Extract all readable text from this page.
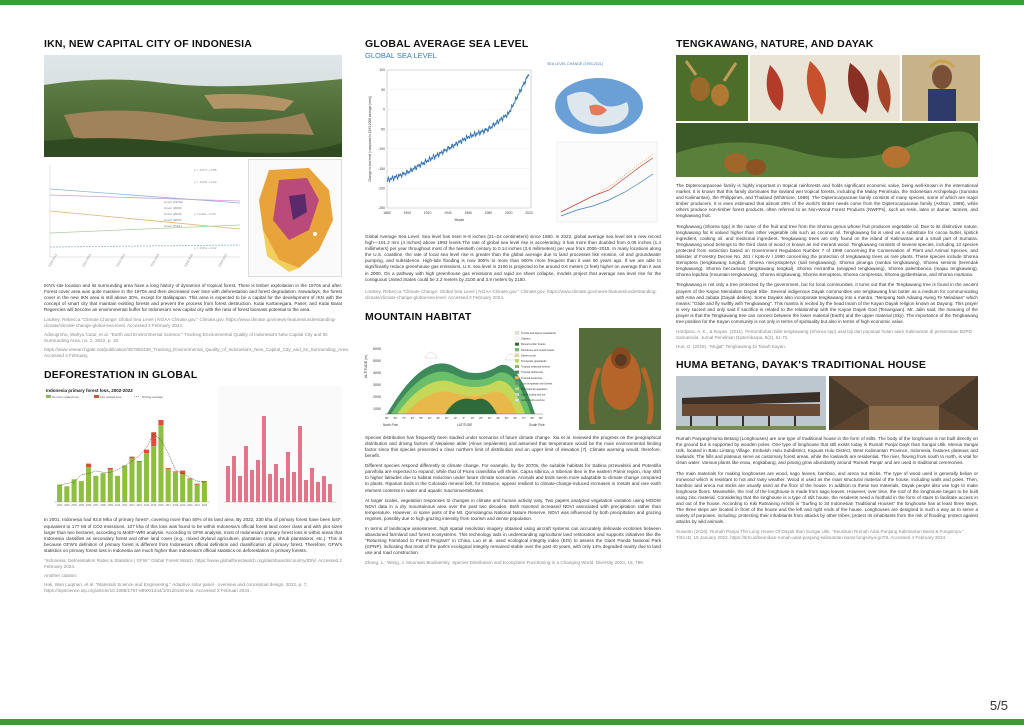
IKN, NEW CAPITAL CITY OF INDONESIA
y = -0.07x + 0.85
y = -0.03x + 0.62
y = 0.02x + 0.34
y = -0.01x + 0.12
Cover (1970s)
Cover (2000)
Cover (2010)
Cover (2020)
Cover (Pred.)
2010-2012	2012-2014	2014-2016	2016-2018	2018-2020	2020-2022

IKN's site location and its surrounding area have a long history of dynamics of tropical forest. There is timber exploitation in the 1970s and after. Forest cover area was quite massive in the 1970s and then decreased over time with deforestation and forest degradation. Nowadays, the forest cover in the new IKN area is still above 30%, except for Balikpapan. This area is expected to be a capital for the development of IKN with the concept of smart city that maintain existing forests and prevent the process from forest destruction. Kutai Kartanegara, Paser, and Kutai Barat Regencies will become an environmental buffer for Indonesia's new capital city with the ratio of forest biomass potential to the area.

Lindsey, Rebecca."Climate Change: Global Sea Level | NOAA Climate.gov." Climate.gov, https://www.climate.gov/news-features/understanding-climate/climate-change-global-sea-level. Accessed 2 February 2024.

Adinugroho, Wahyu Catur, et al. "Earth and Environmental Science." Tracking Environmental Quality of Indonesia's New Capital City and Its Surrounding Area, no. 2, 2022, p. 10.

https://www.researchgate.net/publication/357882438_Tracking_Environmental_Quality_of_Indonesia's_New_Capital_City_and_its_Surrounding_Area. Accessed 4 February.

DEFORESTATION IN GLOBAL
Indonesia primary forest loss, 2002-2022
Non-fire related loss	Fire related loss	Driving average
2002 2003 2004 2005 2006 2007 2008 2009 2010 2011 2012 2013 2014 2015 2016 2017 2018 2019 2020 2021 2022

In 2001, Indonesia had 93.8 Mha of primary forest*, covering more than 50% of its land area. By 2022, 230 kha of primary forest have been lost*, equivalent to 177 Mt of CO2 emissions. 107 kha of this loss was found to be within Indonesia's official forest land cover class and with plot sizes larger than two hectares, according to MoEF-WRI analysis. According to GFW analysis, most of Indonesia's primary forest loss is within areas that Indonesia classifies as secondary forest and other land cover (e.g., mixed dryland agriculture, plantation crops, shrub plantations, etc.). This is because GFW's definition of primary forest is different from Indonesia's official definition and classification of primary forest. Therefore, GFW's statistics on primary forest loss in Indonesia are much higher than Indonesia's official statistics on deforestation in primary forests.

"Indonesia: Deforestation Rates & Statistics | GFW." Global Forest Watch, https://www.globalforestwatch.org/dashboards/country/IDN/. Accessed 2 February 2024.

Another citation:

Hak, Wan Luqman, et al. "Materials Science and Engineering." Adaptive solar panel - overview and conceptual design, 2022, p. 7, https://iopscience.iop.org/article/10.1088/1757-899X/1244/1/012016/meta. Accessed 2 Februari 2024.

GLOBAL AVERAGE SEA LEVEL
GLOBAL SEA LEVEL
100
50
0
-50
-100
-150
-200
-250
1880	1900	1920	1940	1960	1980	2000	2020
Years
Change in sea level (compared to 1993-2008 average (mm))
SEA LEVEL CHANGE (1993-2021)

Global Average Sea Level. Sea level has risen 8–9 inches (21–24 centimeters) since 1880. In 2022, global average sea level set a new record high—101.2 mm (4 inches) above 1993 levels.The rate of global sea level rise is accelerating: it has more than doubled from 0.06 inches (1.4 millimeters) per year throughout most of the twentieth century to 0.14 inches (3.6 millimeters) per year from 2006–2015. In many locations along the U.S. coastline, the rate of local sea level rise is greater than the global average due to land processes like erosion, oil and groundwater pumping, and subsidence. High-tide flooding is now 300% to more than 900% more frequent than it was 50 years ago. If we are able to significantly reduce greenhouse gas emissions, U.S. sea level in 2100 is projected to be around 0.6 meters (2 feet) higher on average than it was in 2000. On a pathway with high greenhouse gas emissions and rapid ice sheet collapse, models project that average sea level rise for the contiguous United States could be 2.2 meters by 2100 and 3.9 meters by 2150.

Lindsey, Rebecca."Climate Change: Global Sea Level | NOAA Climate.gov." Climate.gov, https://www.climate.gov/news-features/understanding-climate/climate-change-global-sea-level. Accessed 2 February 2024.

MOUNTAIN HABITAT
ALTITUDE (m)
6000
5000
4000
3000
2000
1000
90° 80° 70° 60° 50° 40° 30° 20° 10° 0° 10° 20° 30° 40° 50° 60° 70° 80° 90°
North Pole	LATITUDE	South Pole
Tundra and Alpine Grasslands
Glaciers
Boreal conifer forests
Deciduous and mixed forests
Desert scrub
Temperate grasslands
Tropical seasonal forests
Tropical rainforests
Tropical savannas
Cool temperate rain forests
Sub-tropical vegetation
Alpine tundra and ice
Arctic tundra and ice

Species distribution has frequently been studied under scenarios of future climate change. Xia et al. reviewed the progress on the geographical distribution and driving factors of Nepalese alder (Alnus nepalensis) and assumed that temperature would be the main environmental limiting factor since this species presented a clear northern limit of distribution and an upper limit of elevation [7]. Climate warming would, therefore, benefit.

Different species respond differently to climate change. For example, by the 2070s, the suitable habitats for Sabina przewalskii and Potentilla parvifolia are expected to expand, while that of Picea crassifolia will shrink. Capra sibirica, a Siberian ibex in the eastern Pamir region, may shift to higher latitudes due to habitat reduction under future climate scenarios. Animals and birds seem more adaptable to climate change compared to plants. Riparian birds in the Colorado mineral belt, for instance, appear resilient to climate-change-induced increases in metals and rare earth element contents in water and aquatic macroinvertebrates.

At larger scales, vegetation responses to changes in climate and human activity vary. Two papers analyzed vegetation variation using MODIS NDVI data in a dry mountainous area over the past two decades. Both reported increased NDVI associated with precipitation rather than temperature. However, in some parts of the Mt. Qomolangma National Nature Reserve, NDVI was influenced by both precipitation and grazing regimes, possibly due to high grazing intensity from tourism and dense population.

In terms of landscape assessment, high spatial resolution imagery obtained using aircraft systems can accurately delineate ecotones between abandoned farmland and forest ecosystems. This technology aids in understanding agricultural land restoration and supports initiatives like the "Returning Farmland to Forest Program" in China. Luo et al. used ecological integrity index (EIS) to assess the Giant Panda National Park (GPNP), indicating that most of the park's ecological integrity remained stable over the past 40 years, with only 14% degraded mainly due to land use and road construction.

Zhang, L.; Wang, J. Mountain Biodiversity, Species Distribution and Ecosystem Functioning in a Changing World. Diversity 2023, 15, 799.

TENGKAWANG, NATURE, AND DAYAK

The Dipterocarpaceae family is highly important in tropical rainforests and holds significant economic value, being well-known in the international market. It is known that this family dominates the lowland wet tropical forests, including the Malay Peninsula, the Indonesian Archipelago (Sumatra and Kalimantan), the Philippines, and Thailand (Whitmore, 1989). The Dipterocarpaceae family consists of many species, some of which are major timber producers. It is even estimated that almost 25% of the world's timber needs come from the Dipterocarpaceae family (Ashton, 1989), while others produce non-timber forest products, often referred to as Non-Wood Forest Products (NWFPs), such as resin, latex or damar, tannins, and tengkawang fruit.

Tengkawang (Shorea spp) is the name of the fruit and tree from the Shorea genus whose fruit produces vegetable oil. Due to its distinctive nature, tengkawang fat is valued higher than other vegetable oils such as coconut oil. Tengkawang fat is used as a substitute for cocoa butter, lipstick ingredient, cooking oil, and medicinal ingredient. Tengkawang trees are only found on the island of Kalimantan and a small part of Sumatra. Tengkawang wood belongs to the third class of wood or known as red meranti wood. Tengkawang consists of several species, including 13 species protected from extinction based on Government Regulation Number 7 of 1999 concerning the Conservation of Plant and Animal Species, and Minister of Forestry Decree No. 261 / Kpts-IV / 1990 concerning the protection of tengkawang trees as rare plants. These species include Shorea stenoptera (tengkawang tungkul), Shorea mecystopteryx (sail tengkawang), Shorea pinanga (rambai tengkawang), Shorea seminis (terendak tengkawang), Shorea beccariana (tengkawang tengkal), Shorea micrantha (wrapped tengkawang), Shorea palembanica (majau tengkawang), Shorea lepidota (mountain tengkawang), Shorea singkawang, Shorea stenoptera, Shorea compressa, Shorea gysbertsiana, and Shorea martiana.

Tengkawang is not only a tree protected by the government, but for local communities, it turns out that the Tengkawang tree is found in the ancient prayers of the Kayan Mendalam Dayak tribe. Several indigenous Dayak communities use tengkawang fruit butter as a medium for communicating with Ama and Jubata (Dayak deities). Some Dayaks also incorporate tengkawang into a mantra. "Nenpang Nah Adaang Awing Te Neladaan" which means: "Glide and fly swiftly with Tengkawang". This mantra is recited by the head Imam of the Kayan Dayak religion known as Dayung. This prayer is very sacred and only said if sacrifice is related to the relationship with the Kayan Dayak God (Tenangaan). Mr. Jalin said, the meaning of the prayer is that the Tengkawang tree can connect between the lower material (Earth) and the upper material (Sky). The importance of the Tengkawang tree position for the Kayan community is not only in terms of spirituality but also in terms of high economic value.

Hardjana, A. K., & Rayan. (2011). Pertumbuhan bibit tengkawang (Shorea spp) asal biji dari populasi hutan alam Kalimantan di persemaian B2PD Samarinda. Jurnal Penelitian Dipterokarpa, 5(2), 61-72.

Huri, D. (2019). "Mujjat" Tengkawang Di Tanah Kayan.

HUMA BETANG, DAYAK'S TRADITIONAL HOUSE

Rumah Panjang/Huma Betang (Longhouses) are one type of traditional house in the form of stilts. The body of the longhouse is not built directly on the ground but is supported by wooden poles. One type of longhouse that still exists today is Rumah Panjai Dayk Iban Sungai Utik. Menua Sungai Utik, located in Batu Lintang Village, Embaloh Hulu Subdistrict, Kapuas Hulu District, West Kalimantan Province, Indonesia, features plateaus and lowlands. The hills and plateaus serve as customary forest areas, while the lowlands are residential. The river, flowing from south to north, is vital for clean water. Various plants like enau, engkabang, and pinang grow abundantly around 'Rumah Panjai' and are used in traditional ceremonies.

The main materials for making longhouses are wood, sago leaves, bamboo, and areca nut sticks. The type of wood used is generally belian or ironwood which is resistant to hot and rainy weather. Wood is used as the main structural material of the house, including walls and poles. Then, bamboo and areca nut sticks are usually used as the floor of the house. In addition to these two materials, Dayak people also use logs to make longhouse floors. Meanwhile, the roof of the longhouse is made from sago leaves. However, over time, the roof of the longhouse began to be built using zinc material. Considering that the longhouse is a type of stilt house, the residents need a foothold in the form of stairs to facilitate access in and out of the house. According to Kiki Ratnaning Arimbi in "Surfing to 34 Indonesian Traditional Houses" the longhouse has at least three steps. The three steps are located in front of the house and the left and right ends of the house. Longhouses are designed in such a way as to serve a variety of purposes, including: protecting their inhabitants from attacks by other tribes; protect its inhabitants from the risk of flooding; protect against attacks by wild animals.

Susanto (2016). Rumah Panjai The Long House Of Dayak Iban Sungai Utik. "Keunikan Rumah Adat Panjang Kalimantan Barat & Fungsinya." Tirto.ID, 19 January 2022, https://tirto.id/keunikan-rumah-adat-panjang-kalimantan-barat-fungsinya-gnT8. Accessed 4 February 2024.

5/5
